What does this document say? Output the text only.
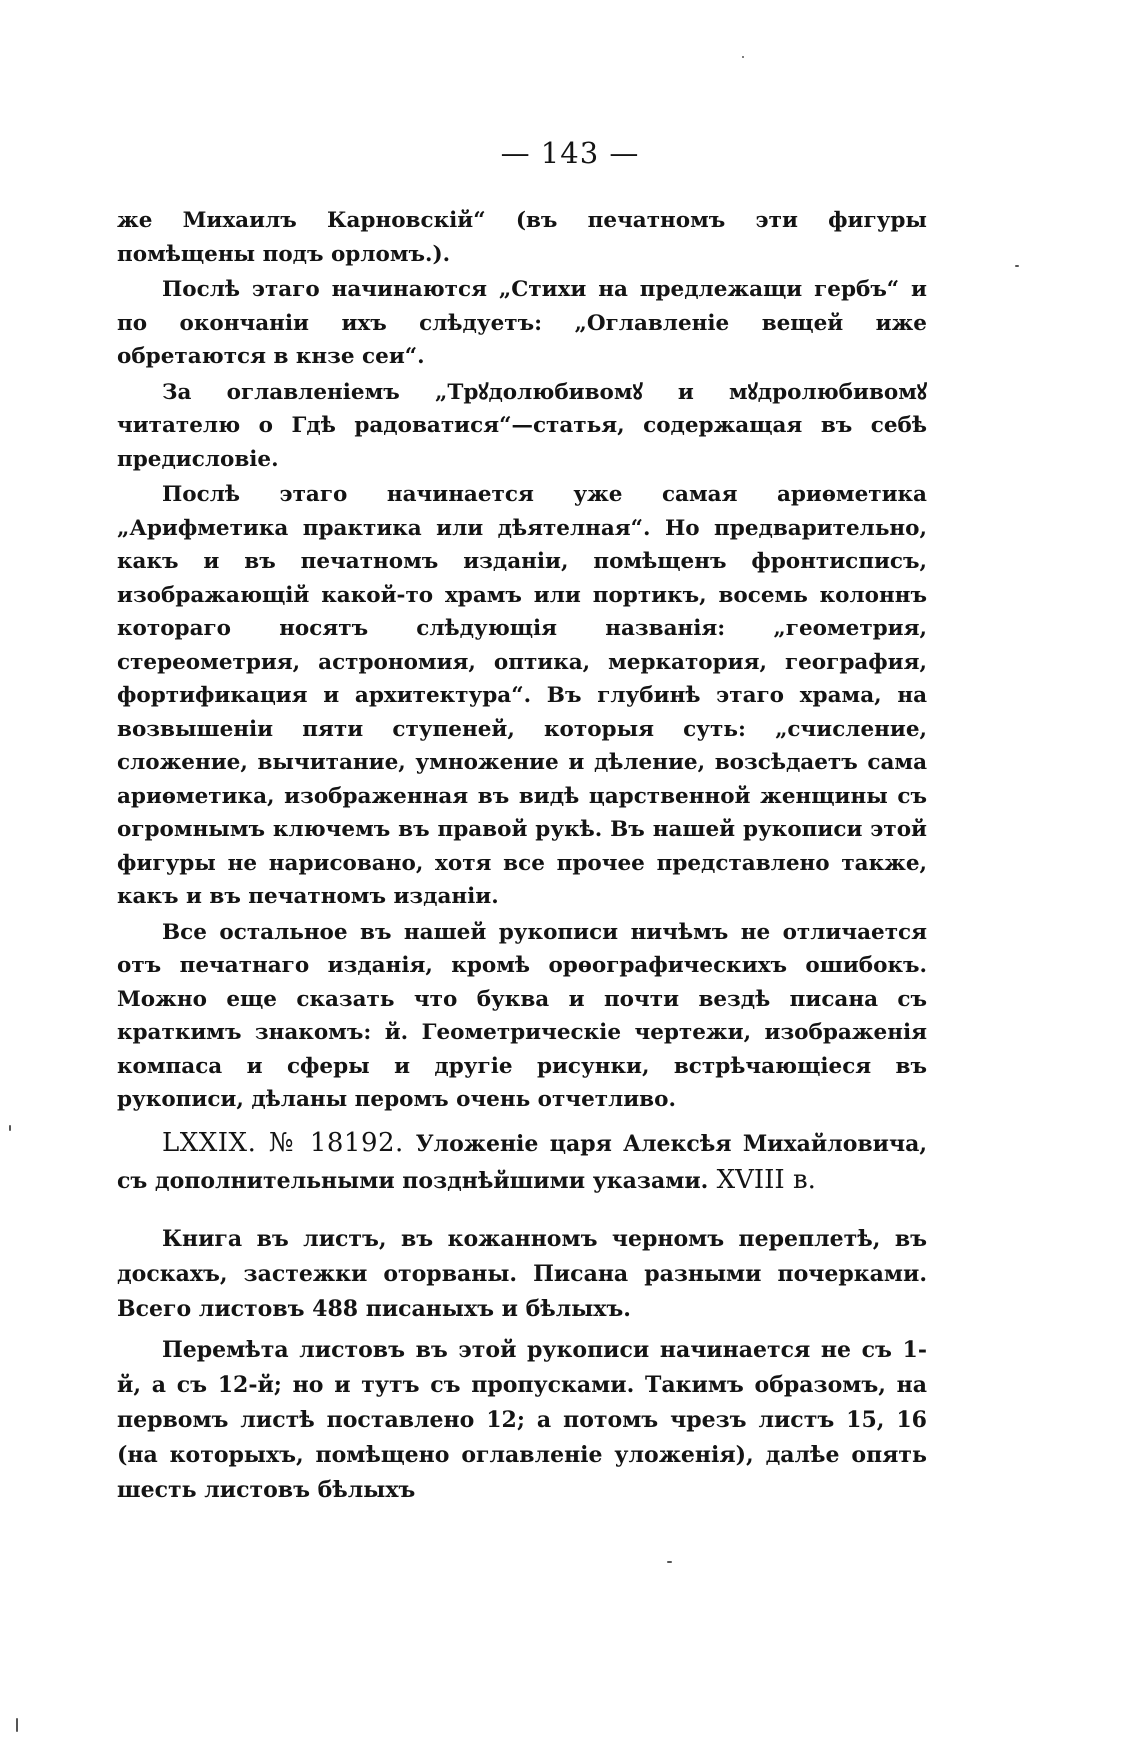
— 143 —

же Михаилъ Карновскій“ (въ печатномъ эти фигуры помѣщены подъ орломъ.).

Послѣ этаго начинаются „Стихи на предлежащи гербъ“ и по окончаніи ихъ слѣдуетъ: „Оглавленіе вещей иже обретаются в кнзе сеи“.

За оглавленіемъ „Трꙋдолюбивомꙋ и мꙋдролюбивомꙋ читателю о Гдѣ радоватися“—статья, содержащая въ себѣ предисловіе.

Послѣ этаго начинается уже самая ариѳметика „Арифметика практика или дѣятелная“. Но предварительно, какъ и въ печатномъ изданіи, помѣщенъ фронтисписъ, изображающій какой-то храмъ или портикъ, восемь колоннъ котораго носятъ слѣдующія названія: „геометрия, стереометрия, астрономия, оптика, меркатория, география, фортификация и архитектура“. Въ глубинѣ этаго храма, на возвышеніи пяти ступеней, которыя суть: „счисление, сложение, вычитание, умножение и дѣление, возсѣдаетъ сама ариѳметика, изображенная въ видѣ царственной женщины съ огромнымъ ключемъ въ правой рукѣ. Въ нашей рукописи этой фигуры не нарисовано, хотя все прочее представлено также, какъ и въ печатномъ изданіи.

Все остальное въ нашей рукописи ничѣмъ не отличается отъ печатнаго изданія, кромѣ орѳографическихъ ошибокъ. Можно еще сказать что буква и почти вездѣ писана съ краткимъ знакомъ: й. Геометрическіе чертежи, изображенія компаса и сферы и другіе рисунки, встрѣчающіеся въ рукописи, дѣланы перомъ очень отчетливо.

LXXIX. № 18192. Уложеніе царя Алексѣя Михайловича, съ дополнительными позднѣйшими указами. XVIII в.

Книга въ листъ, въ кожанномъ черномъ переплетѣ, въ доскахъ, застежки оторваны. Писана разными почерками. Всего листовъ 488 писаныхъ и бѣлыхъ.

Перемѣта листовъ въ этой рукописи начинается не съ 1-й, а съ 12-й; но и тутъ съ пропусками. Такимъ образомъ, на первомъ листѣ поставлено 12; а потомъ чрезъ листъ 15, 16 (на которыхъ, помѣщено оглавленіе уложенія), далѣе опять шесть листовъ бѣлыхъ
